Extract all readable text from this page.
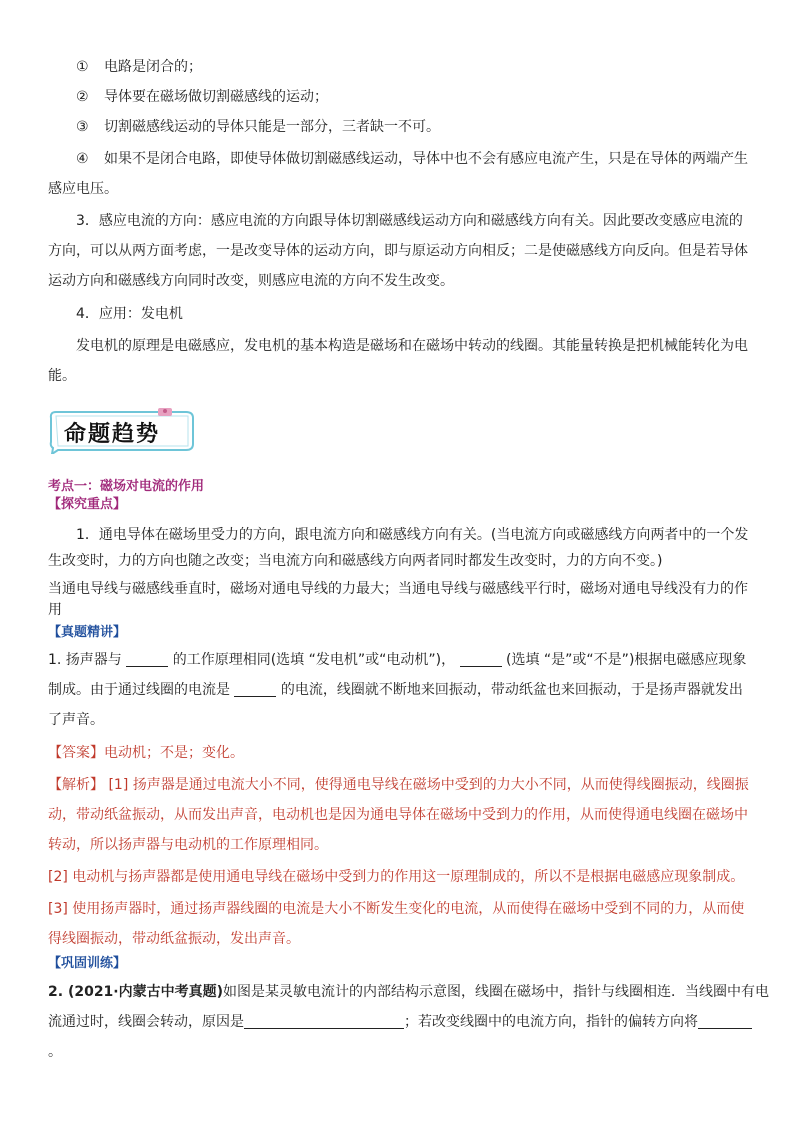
① 电路是闭合的；
② 导体要在磁场做切割磁感线的运动；
③ 切割磁感线运动的导体只能是一部分，三者缺一不可。
④ 如果不是闭合电路，即使导体做切割磁感线运动，导体中也不会有感应电流产生，只是在导体的两端产生
感应电压。
3．感应电流的方向：感应电流的方向跟导体切割磁感线运动方向和磁感线方向有关。因此要改变感应电流的
方向，可以从两方面考虑，一是改变导体的运动方向，即与原运动方向相反；二是使磁感线方向反向。但是若导体
运动方向和磁感线方向同时改变，则感应电流的方向不发生改变。
4．应用：发电机
发电机的原理是电磁感应，发电机的基本构造是磁场和在磁场中转动的线圈。其能量转换是把机械能转化为电
能。
命题趋势
考点一：磁场对电流的作用
【探究重点】
1．通电导体在磁场里受力的方向，跟电流方向和磁感线方向有关。(当电流方向或磁感线方向两者中的一个发
生改变时，力的方向也随之改变；当电流方向和磁感线方向两者同时都发生改变时，力的方向不变。)
当通电导线与磁感线垂直时，磁场对通电导线的力最大；当通电导线与磁感线平行时，磁场对通电导线没有力的作
用
【真题精讲】
1. 扬声器与	的工作原理相同(选填 “发电机”或“电动机”)，	(选填 “是”或“不是”)根据电磁感应现象
制成。由于通过线圈的电流是	的电流，线圈就不断地来回振动，带动纸盆也来回振动，于是扬声器就发出
了声音。
【答案】电动机；不是；变化。
【解析】 [1] 扬声器是通过电流大小不同，使得通电导线在磁场中受到的力大小不同，从而使得线圈振动，线圈振
动，带动纸盆振动，从而发出声音，电动机也是因为通电导体在磁场中受到力的作用，从而使得通电线圈在磁场中
转动，所以扬声器与电动机的工作原理相同。
[2] 电动机与扬声器都是使用通电导线在磁场中受到力的作用这一原理制成的，所以不是根据电磁感应现象制成。
[3] 使用扬声器时，通过扬声器线圈的电流是大小不断发生变化的电流，从而使得在磁场中受到不同的力，从而使
得线圈振动，带动纸盆振动，发出声音。
【巩固训练】
2. (2021·内蒙古中考真题)如图是某灵敏电流计的内部结构示意图，线圈在磁场中，指针与线圈相连．当线圈中有电
流通过时，线圈会转动，原因是	；若改变线圈中的电流方向，指针的偏转方向将
。
